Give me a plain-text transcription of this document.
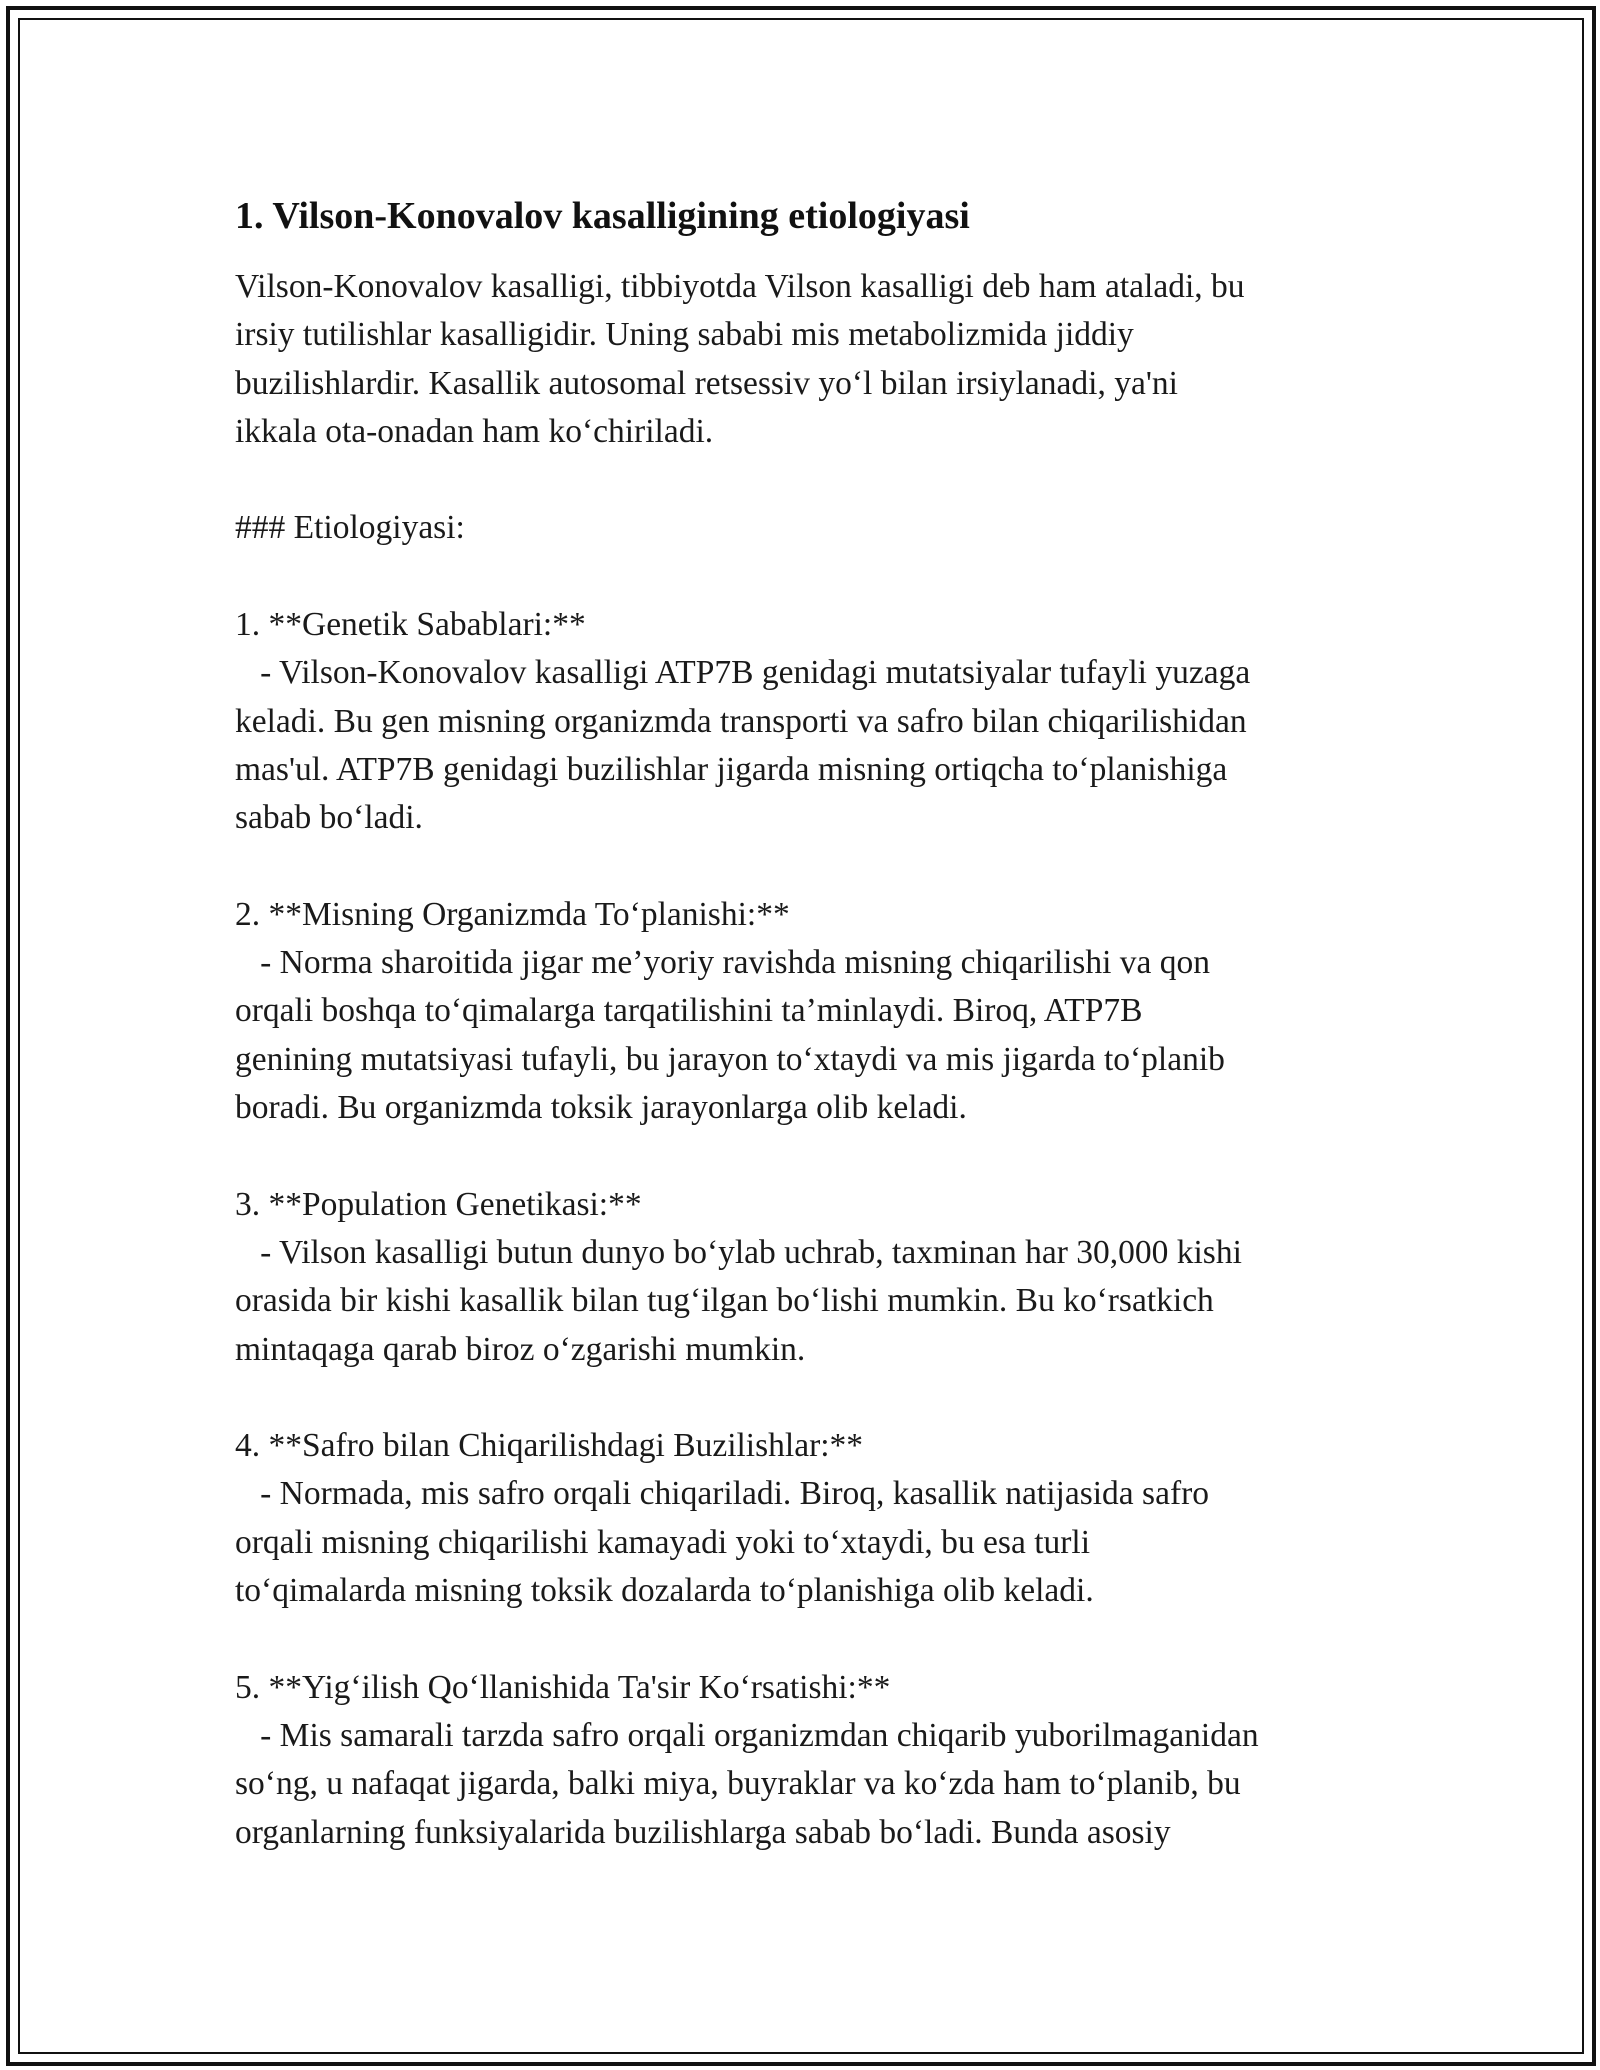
1. Vilson-Konovalov kasalligining etiologiyasi

Vilson-Konovalov kasalligi, tibbiyotda Vilson kasalligi deb ham ataladi, bu

irsiy tutilishlar kasalligidir. Uning sababi mis metabolizmida jiddiy

buzilishlardir. Kasallik autosomal retsessiv yo‘l bilan irsiylanadi, ya'ni

ikkala ota-onadan ham ko‘chiriladi.

### Etiologiyasi:

1. **Genetik Sabablari:**

- Vilson-Konovalov kasalligi ATP7B genidagi mutatsiyalar tufayli yuzaga

keladi. Bu gen misning organizmda transporti va safro bilan chiqarilishidan

mas'ul. ATP7B genidagi buzilishlar jigarda misning ortiqcha to‘planishiga

sabab bo‘ladi.

2. **Misning Organizmda To‘planishi:**

- Norma sharoitida jigar me’yoriy ravishda misning chiqarilishi va qon

orqali boshqa to‘qimalarga tarqatilishini ta’minlaydi. Biroq, ATP7B

genining mutatsiyasi tufayli, bu jarayon to‘xtaydi va mis jigarda to‘planib

boradi. Bu organizmda toksik jarayonlarga olib keladi.

3. **Population Genetikasi:**

- Vilson kasalligi butun dunyo bo‘ylab uchrab, taxminan har 30,000 kishi

orasida bir kishi kasallik bilan tug‘ilgan bo‘lishi mumkin. Bu ko‘rsatkich

mintaqaga qarab biroz o‘zgarishi mumkin.

4. **Safro bilan Chiqarilishdagi Buzilishlar:**

- Normada, mis safro orqali chiqariladi. Biroq, kasallik natijasida safro

orqali misning chiqarilishi kamayadi yoki to‘xtaydi, bu esa turli

to‘qimalarda misning toksik dozalarda to‘planishiga olib keladi.

5. **Yig‘ilish Qo‘llanishida Ta'sir Ko‘rsatishi:**

- Mis samarali tarzda safro orqali organizmdan chiqarib yuborilmaganidan

so‘ng, u nafaqat jigarda, balki miya, buyraklar va ko‘zda ham to‘planib, bu

organlarning funksiyalarida buzilishlarga sabab bo‘ladi. Bunda asosiy
